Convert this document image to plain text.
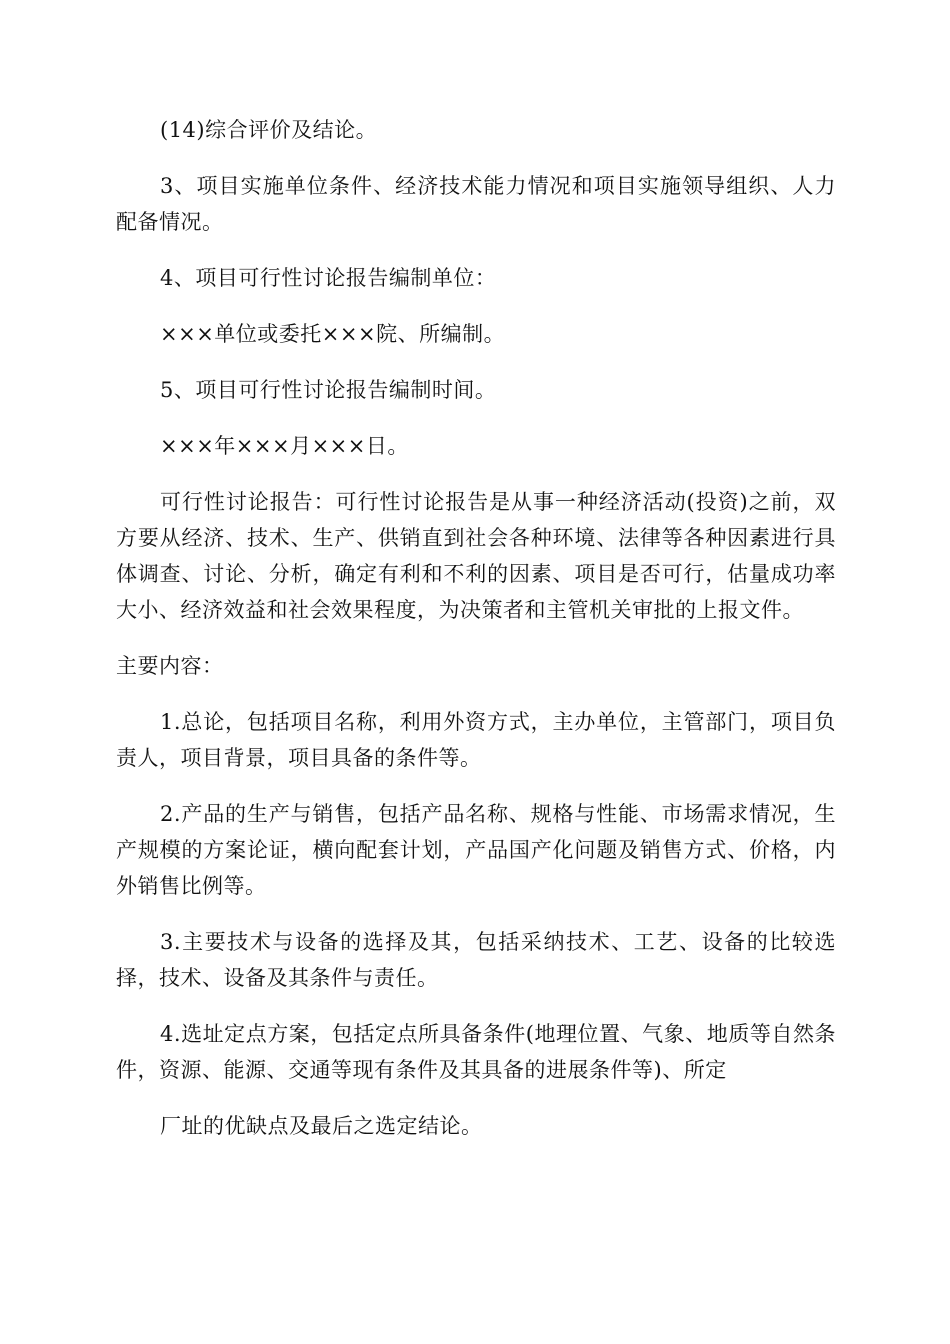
(14)综合评价及结论。

3、项目实施单位条件、经济技术能力情况和项目实施领导组织、人力配备情况。

4、项目可行性讨论报告编制单位：

×××单位或委托×××院、所编制。

5、项目可行性讨论报告编制时间。

×××年×××月×××日。

可行性讨论报告：可行性讨论报告是从事一种经济活动(投资)之前，双方要从经济、技术、生产、供销直到社会各种环境、法律等各种因素进行具体调查、讨论、分析，确定有利和不利的因素、项目是否可行，估量成功率大小、经济效益和社会效果程度，为决策者和主管机关审批的上报文件。

主要内容：

1.总论，包括项目名称，利用外资方式，主办单位，主管部门，项目负责人，项目背景，项目具备的条件等。

2.产品的生产与销售，包括产品名称、规格与性能、市场需求情况，生产规模的方案论证，横向配套计划，产品国产化问题及销售方式、价格，内外销售比例等。

3.主要技术与设备的选择及其，包括采纳技术、工艺、设备的比较选择，技术、设备及其条件与责任。

4.选址定点方案，包括定点所具备条件(地理位置、气象、地质等自然条件，资源、能源、交通等现有条件及其具备的进展条件等)、所定

厂址的优缺点及最后之选定结论。
